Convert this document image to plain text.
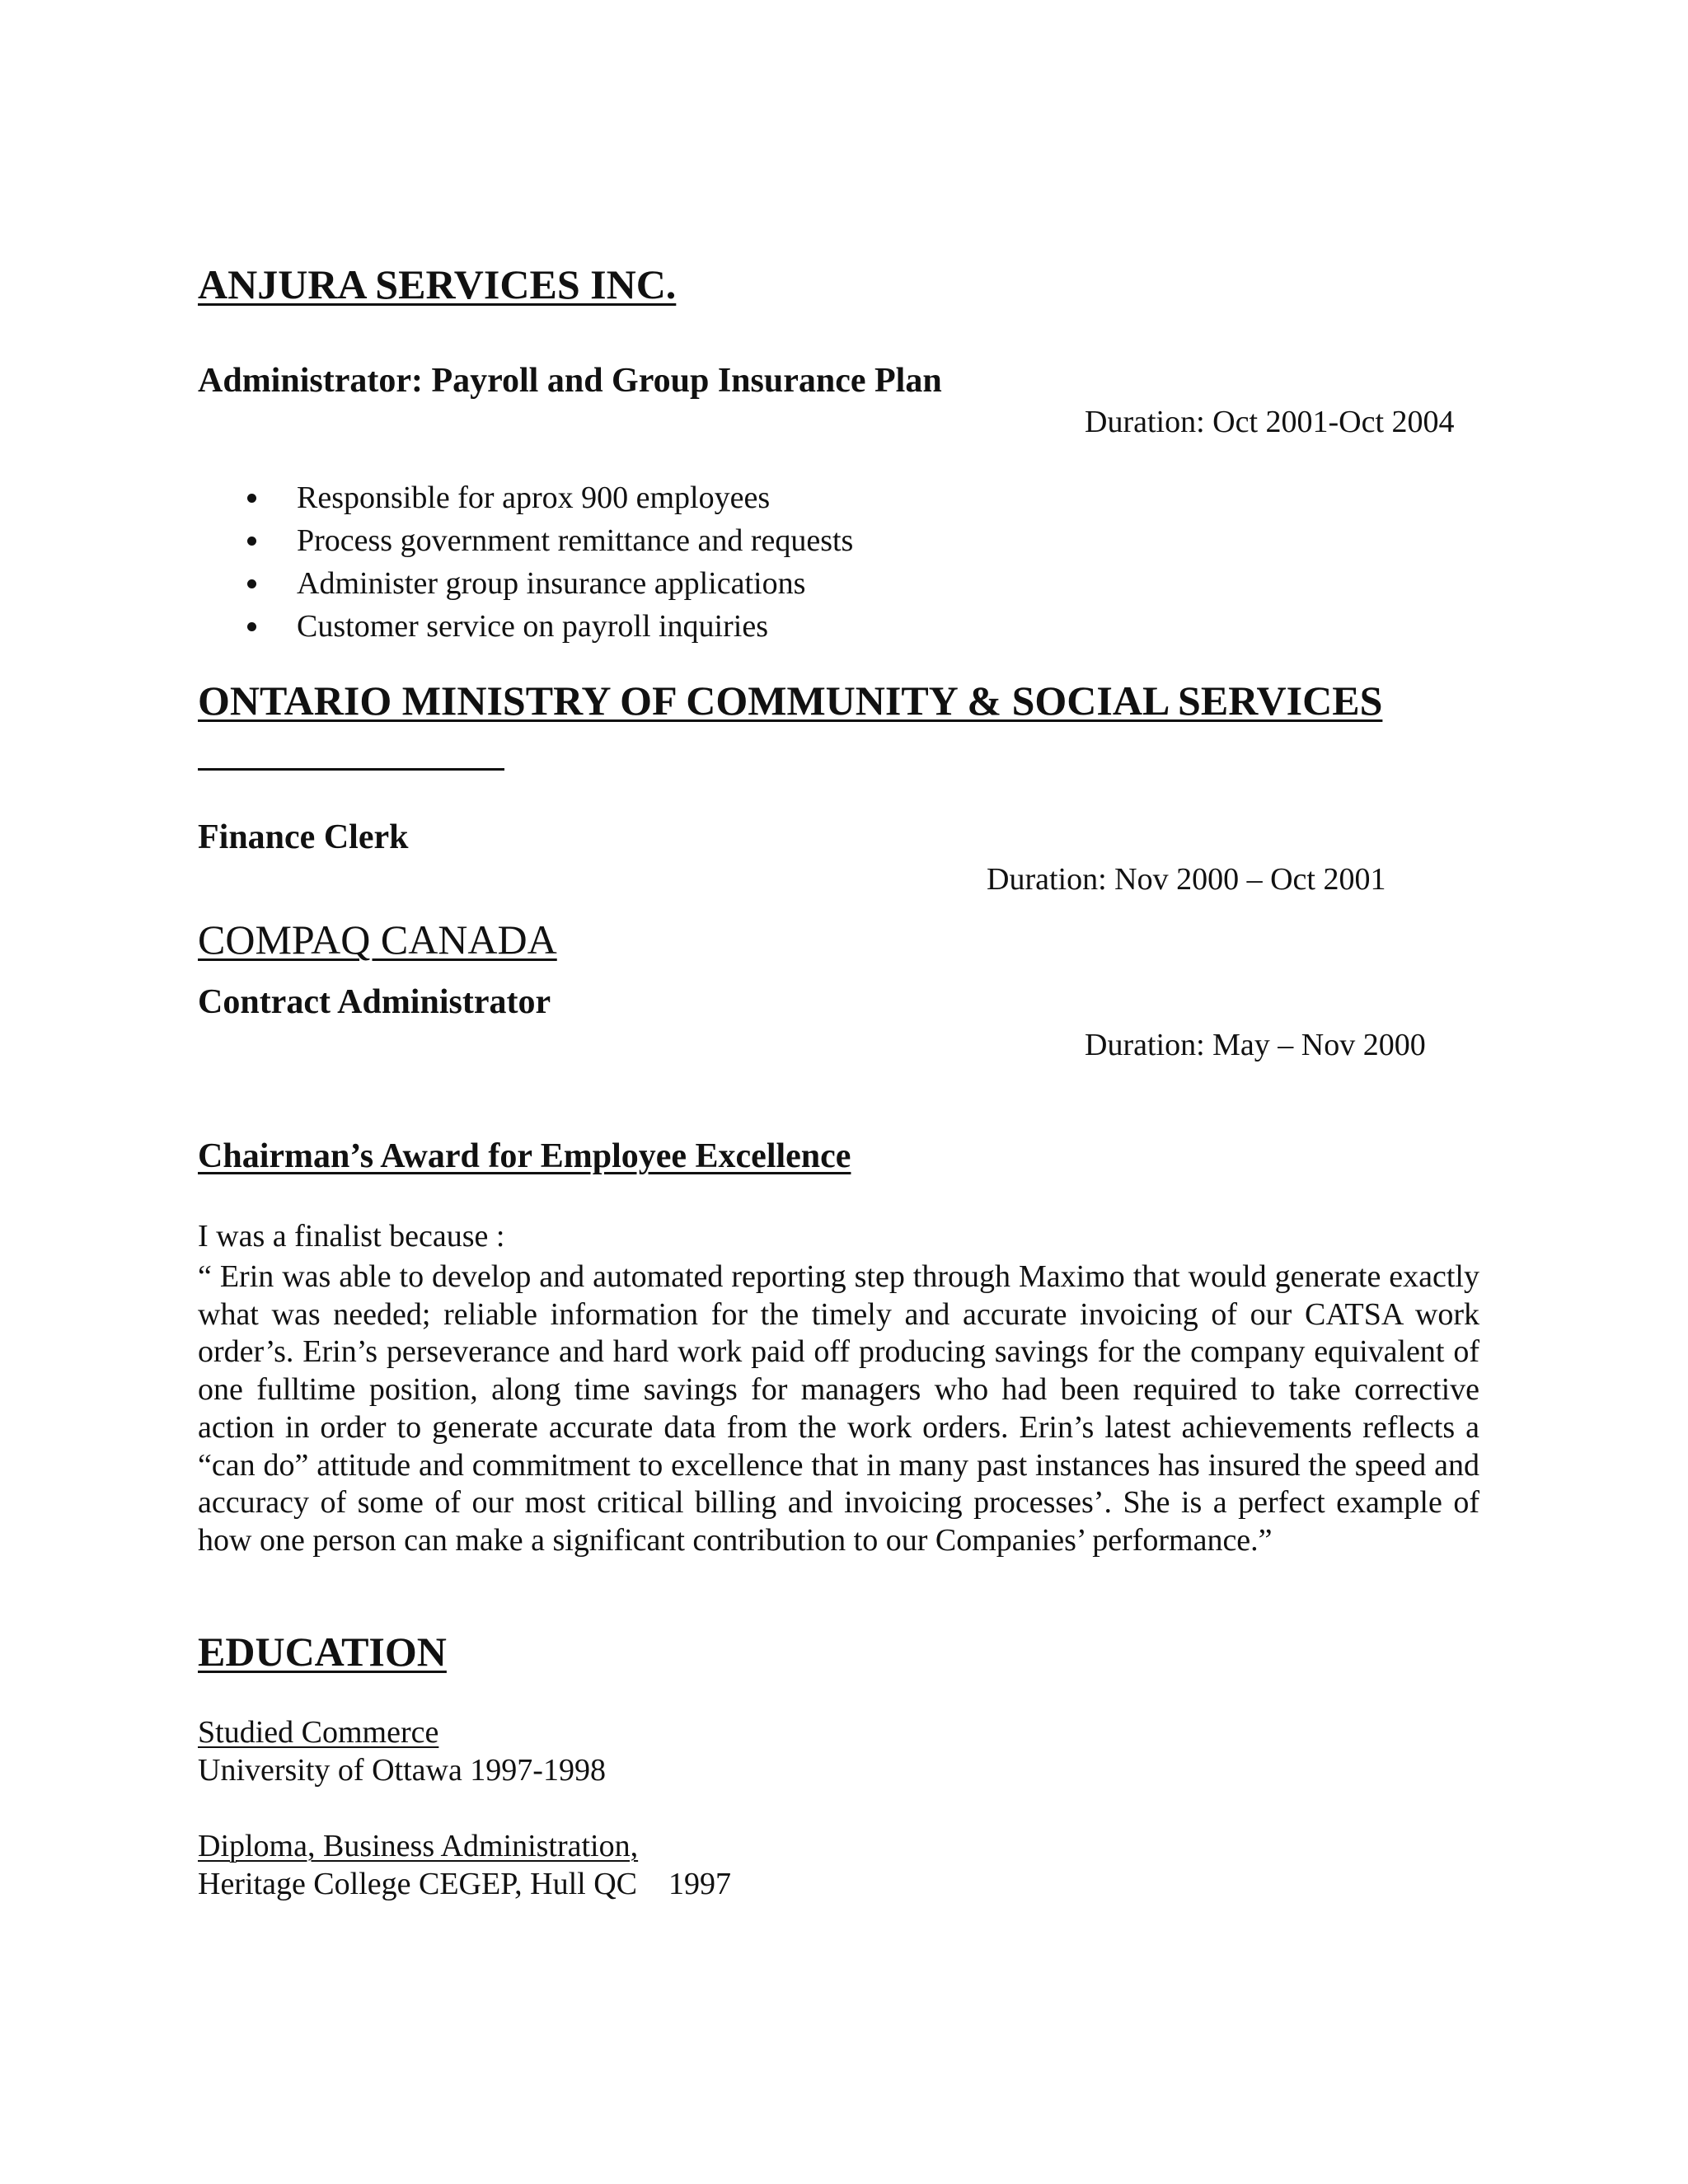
ANJURA SERVICES INC.
Administrator: Payroll and Group Insurance Plan
Duration: Oct 2001-Oct 2004
Responsible for aprox 900 employees
Process government remittance and requests
Administer group insurance applications
Customer service on payroll inquiries
ONTARIO MINISTRY OF COMMUNITY & SOCIAL SERVICES
Finance Clerk
Duration: Nov 2000 – Oct 2001
COMPAQ CANADA
Contract Administrator
Duration: May – Nov 2000
Chairman’s Award for Employee Excellence
I was a finalist because :

“ Erin was able to develop and automated reporting step through Maximo that would generate exactly what was needed; reliable information for the timely and accurate invoicing of our CATSA work order’s. Erin’s perseverance and hard work paid off producing savings for the company equivalent of one fulltime position, along time savings for managers who had been required to take corrective action in order to generate accurate data from the work orders. Erin’s latest achievements reflects a “can do” attitude and commitment to excellence that in many past instances has insured the speed and accuracy of some of our most critical billing and invoicing processes’. She is a perfect example of how one person can make a significant contribution to our Companies’ performance.”

EDUCATION
Studied Commerce
University of Ottawa 1997-1998
Diploma, Business Administration,
Heritage College CEGEP, Hull QC    1997
